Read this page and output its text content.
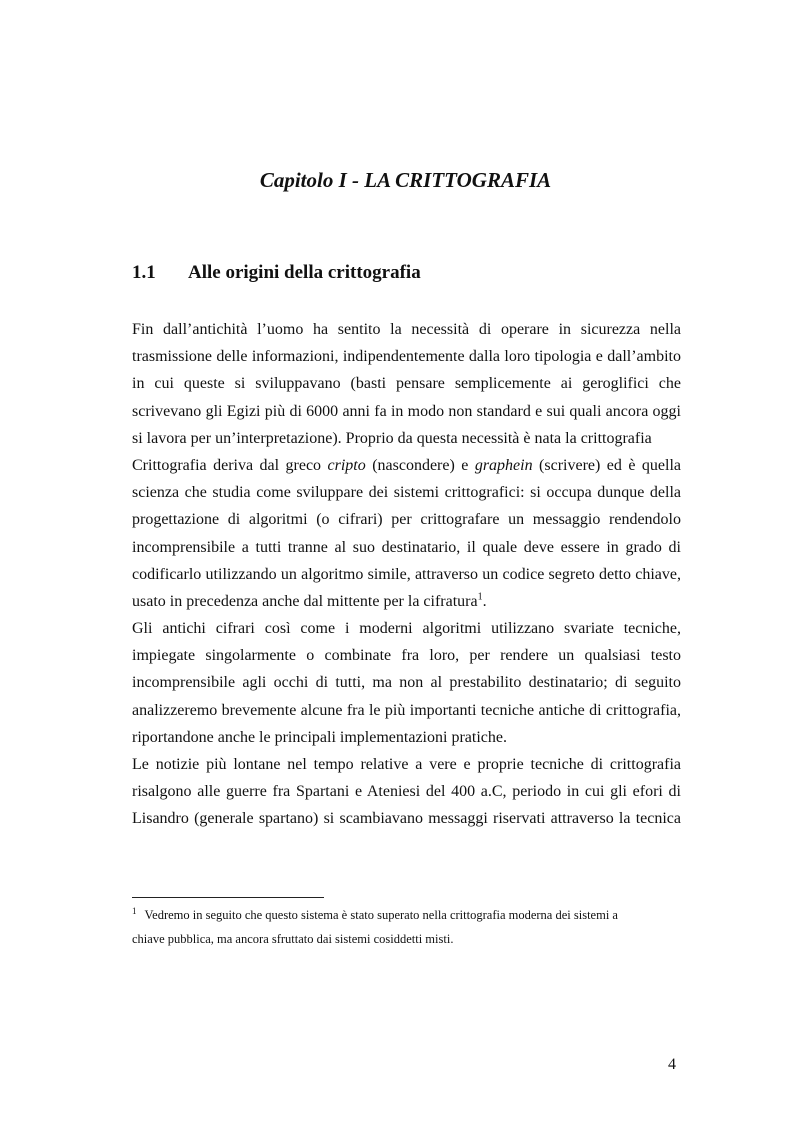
Capitolo I - LA CRITTOGRAFIA
1.1 Alle origini della crittografia
Fin dall’antichità l’uomo ha sentito la necessità di operare in sicurezza nella
trasmissione delle informazioni, indipendentemente dalla loro tipologia e dall’ambito
in cui queste si sviluppavano (basti pensare semplicemente ai geroglifici che
scrivevano gli Egizi più di 6000 anni fa in modo non standard e sui quali ancora oggi
si lavora per un’interpretazione). Proprio da questa necessità è nata la crittografia
Crittografia deriva dal greco cripto (nascondere) e graphein (scrivere) ed è quella
scienza che studia come sviluppare dei sistemi crittografici: si occupa dunque della
progettazione di algoritmi (o cifrari) per crittografare un messaggio rendendolo
incomprensibile a tutti tranne al suo destinatario, il quale deve essere in grado di
codificarlo utilizzando un algoritmo simile, attraverso un codice segreto detto chiave,
usato in precedenza anche dal mittente per la cifratura$^1$.
Gli antichi cifrari così come i moderni algoritmi utilizzano svariate tecniche,
impiegate singolarmente o combinate fra loro, per rendere un qualsiasi testo
incomprensibile agli occhi di tutti, ma non al prestabilito destinatario; di seguito
analizzeremo brevemente alcune fra le più importanti tecniche antiche di crittografia,
riportandone anche le principali implementazioni pratiche.
Le notizie più lontane nel tempo relative a vere e proprie tecniche di crittografia
risalgono alle guerre fra Spartani e Ateniesi del 400 a.C, periodo in cui gli efori di
Lisandro (generale spartano) si scambiavano messaggi riservati attraverso la tecnica
$^1$ Vedremo in seguito che questo sistema è stato superato nella crittografia moderna dei sistemi a
chiave pubblica, ma ancora sfruttato dai sistemi cosiddetti misti.
4
